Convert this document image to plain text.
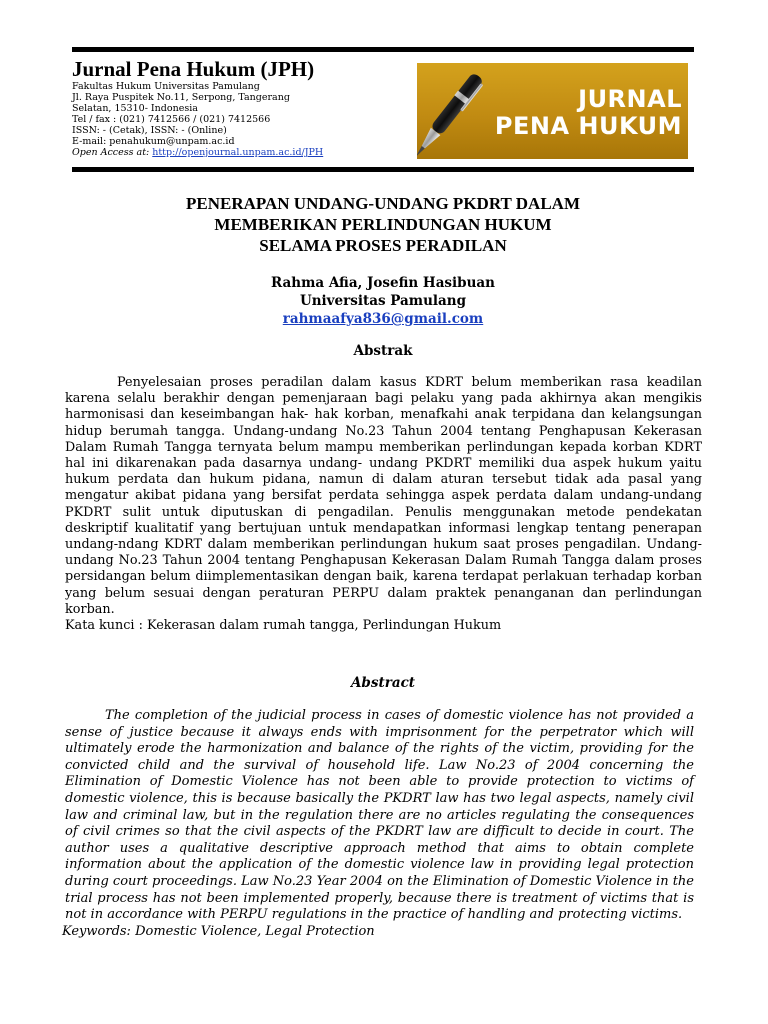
Jurnal Pena Hukum (JPH)
Fakultas Hukum Universitas Pamulang
Jl. Raya Puspitek No.11, Serpong, Tangerang
Selatan, 15310- Indonesia
Tel / fax : (021) 7412566 / (021) 7412566
ISSN: - (Cetak), ISSN: - (Online)
E-mail: penahukum@unpam.ac.id
Open Access at: http://openjournal.unpam.ac.id/JPH
JURNAL
PENA HUKUM
PENERAPAN UNDANG-UNDANG PKDRT DALAM
MEMBERIKAN PERLINDUNGAN HUKUM
SELAMA PROSES PERADILAN
Rahma Afia, Josefin Hasibuan
Universitas Pamulang
rahmaafya836@gmail.com
Abstrak

Penyelesaian proses peradilan dalam kasus KDRT belum memberikan rasa keadilan karena selalu berakhir dengan pemenjaraan bagi pelaku yang pada akhirnya akan mengikis harmonisasi dan keseimbangan hak- hak korban, menafkahi anak terpidana dan kelangsungan hidup berumah tangga. Undang-undang No.23 Tahun 2004 tentang Penghapusan Kekerasan Dalam Rumah Tangga ternyata belum mampu memberikan perlindungan kepada korban KDRT hal ini dikarenakan pada dasarnya undang- undang PKDRT memiliki dua aspek hukum yaitu hukum perdata dan hukum pidana, namun di dalam aturan tersebut tidak ada pasal yang mengatur akibat pidana yang bersifat perdata sehingga aspek perdata dalam undang-undang PKDRT sulit untuk diputuskan di pengadilan. Penulis menggunakan metode pendekatan deskriptif kualitatif yang bertujuan untuk mendapatkan informasi lengkap tentang penerapan undang-ndang KDRT dalam memberikan perlindungan hukum saat proses pengadilan. Undang-undang No.23 Tahun 2004 tentang Penghapusan Kekerasan Dalam Rumah Tangga dalam proses persidangan belum diimplementasikan dengan baik, karena terdapat perlakuan terhadap korban yang belum sesuai dengan peraturan PERPU dalam praktek penanganan dan perlindungan korban.

Kata kunci : Kekerasan dalam rumah tangga, Perlindungan Hukum
Abstract

The completion of the judicial process in cases of domestic violence has not provided a sense of justice because it always ends with imprisonment for the perpetrator which will ultimately erode the harmonization and balance of the rights of the victim, providing for the convicted child and the survival of household life. Law No.23 of 2004 concerning the Elimination of Domestic Violence has not been able to provide protection to victims of domestic violence, this is because basically the PKDRT law has two legal aspects, namely civil law and criminal law, but in the regulation there are no articles regulating the consequences of civil crimes so that the civil aspects of the PKDRT law are difficult to decide in court. The author uses a qualitative descriptive approach method that aims to obtain complete information about the application of the domestic violence law in providing legal protection during court proceedings. Law No.23 Year 2004 on the Elimination of Domestic Violence in the trial process has not been implemented properly, because there is treatment of victims that is not in accordance with PERPU regulations in the practice of handling and protecting victims.

Keywords: Domestic Violence, Legal Protection
